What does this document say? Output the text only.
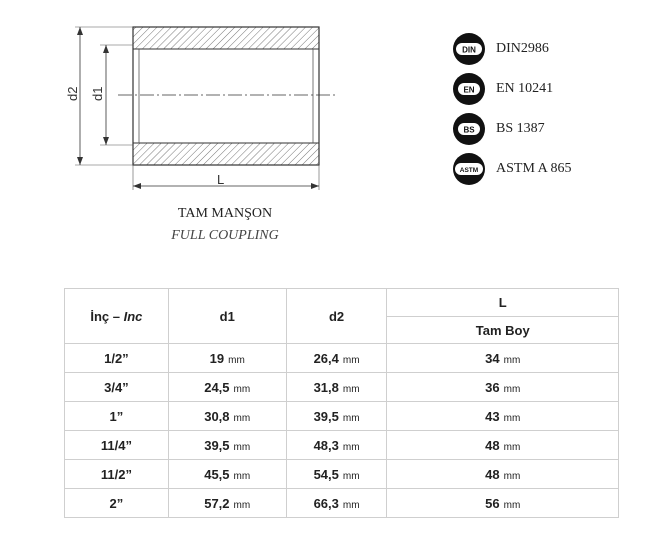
d2 d1
L
TAM MANŞON
FULL COUPLING
DIN DIN2986
EN EN 10241
BS BS 1387
ASTM ASTM A 865
İnç – Inc	d1	d2	L
			Tam Boy
1/2”	19 mm	26,4 mm	34 mm
3/4”	24,5 mm	31,8 mm	36 mm
1”	30,8 mm	39,5 mm	43 mm
11/4”	39,5 mm	48,3 mm	48 mm
11/2”	45,5 mm	54,5 mm	48 mm
2”	57,2 mm	66,3 mm	56 mm
